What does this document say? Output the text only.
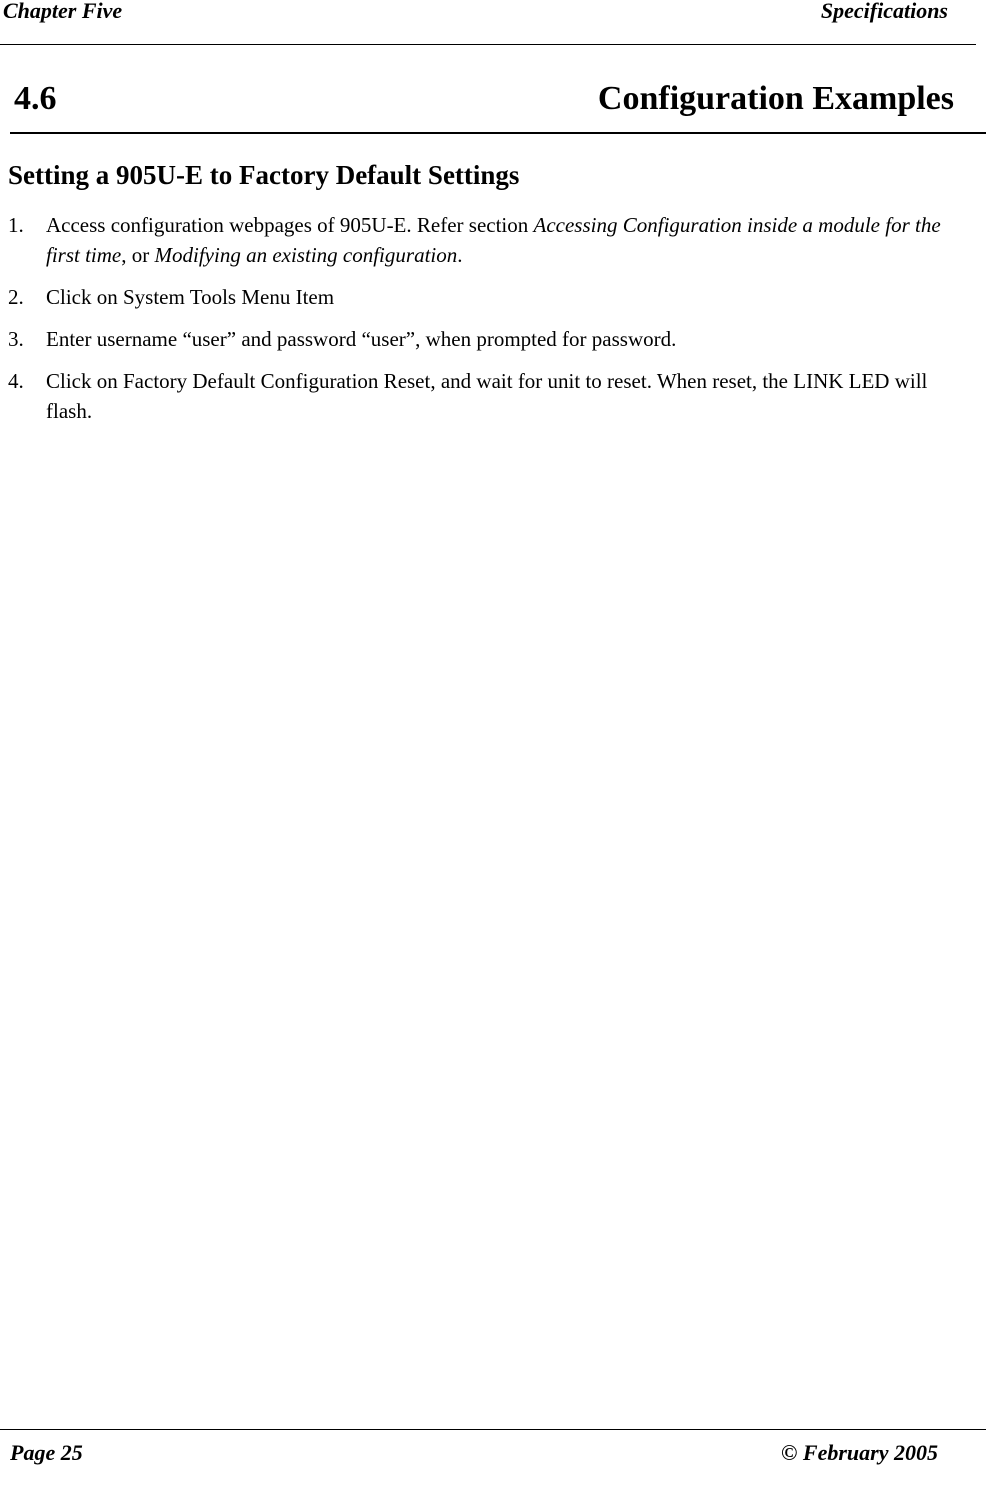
Chapter Five	Specifications
4.6	Configuration Examples
Setting a 905U-E to Factory Default Settings
1. Access configuration webpages of 905U-E. Refer section Accessing Configuration inside a module for the first time, or Modifying an existing configuration.
2. Click on System Tools Menu Item
3. Enter username “user” and password “user”, when prompted for password.
4. Click on Factory Default Configuration Reset, and wait for unit to reset. When reset, the LINK LED will flash.
Page 25	© February 2005
